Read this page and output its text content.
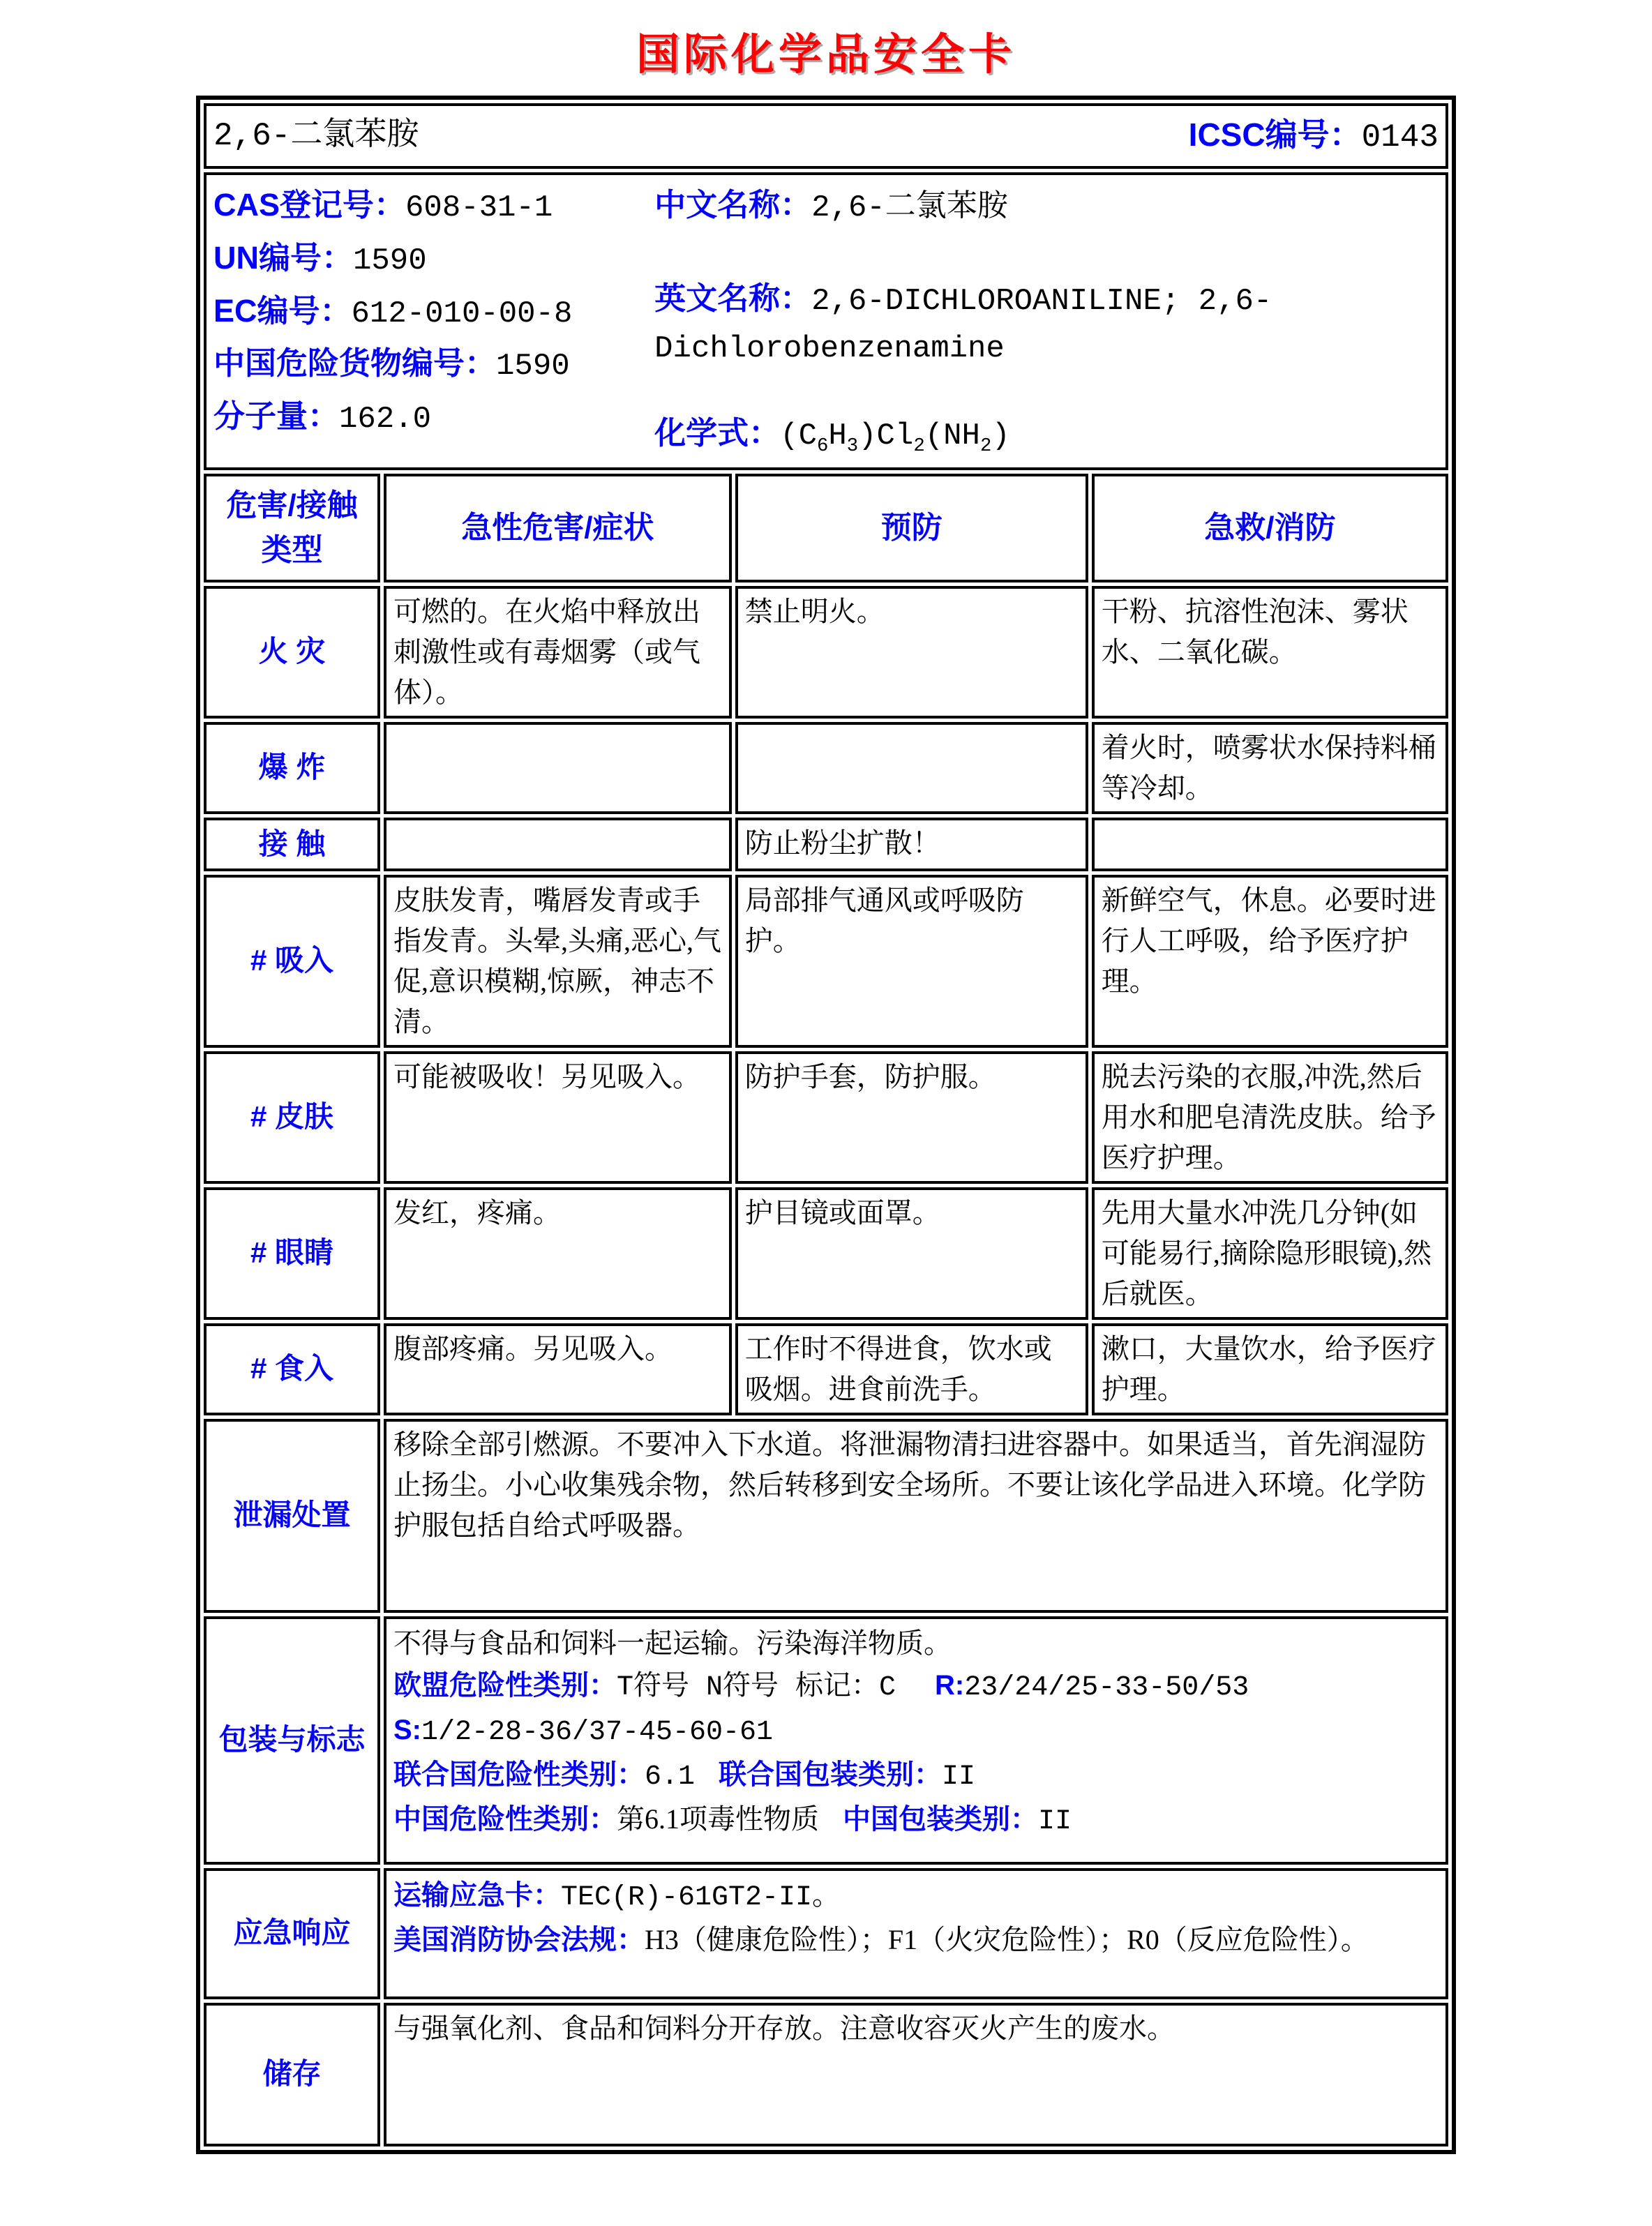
国际化学品安全卡
2,6-二氯苯胺 ICSC编号：0143			

CAS登记号：608-31-1
UN编号：1590
EC编号：612-010-00-8
中国危险货物编号：1590
分子量：162.0
中文名称：2,6-二氯苯胺
英文名称：2,6-DICHLOROANILINE; 2,6-Dichlorobenzenamine
化学式：$(C_6H_3)Cl_2(NH_2)$

危害/接触类型	急性危害/症状	预防	急救/消防
火 灾	可燃的。在火焰中释放出刺激性或有毒烟雾（或气体）。	禁止明火。	干粉、抗溶性泡沫、雾状水、二氧化碳。
爆 炸			着火时，喷雾状水保持料桶等冷却。
接 触		防止粉尘扩散！	
# 吸入	皮肤发青，嘴唇发青或手指发青。头晕,头痛,恶心,气促,意识模糊,惊厥，神志不清。	局部排气通风或呼吸防护。	新鲜空气，休息。必要时进行人工呼吸，给予医疗护理。
# 皮肤	可能被吸收！另见吸入。	防护手套，防护服。	脱去污染的衣服,冲洗,然后用水和肥皂清洗皮肤。给予医疗护理。
# 眼睛	发红，疼痛。	护目镜或面罩。	先用大量水冲洗几分钟(如可能易行,摘除隐形眼镜),然后就医。
# 食入	腹部疼痛。另见吸入。	工作时不得进食，饮水或吸烟。进食前洗手。	漱口，大量饮水，给予医疗护理。
泄漏处置	移除全部引燃源。不要冲入下水道。将泄漏物清扫进容器中。如果适当，首先润湿防止扬尘。小心收集残余物，然后转移到安全场所。不要让该化学品进入环境。化学防护服包括自给式呼吸器。		
包装与标志	不得与食品和饲料一起运输。污染海洋物质。
欧盟危险性类别：T符号 N符号 标记：C R:23/24/25-33-50/53
S:1/2-28-36/37-45-60-61
联合国危险性类别：6.1 联合国包装类别：II
中国危险性类别：第6.1项毒性物质 中国包装类别：II		

应急响应	运输应急卡：TEC(R)-61GT2-II。
美国消防协会法规：H3（健康危险性）；F1（火灾危险性）；R0（反应危险性）。		

储存	与强氧化剂、食品和饲料分开存放。注意收容灭火产生的废水。		
